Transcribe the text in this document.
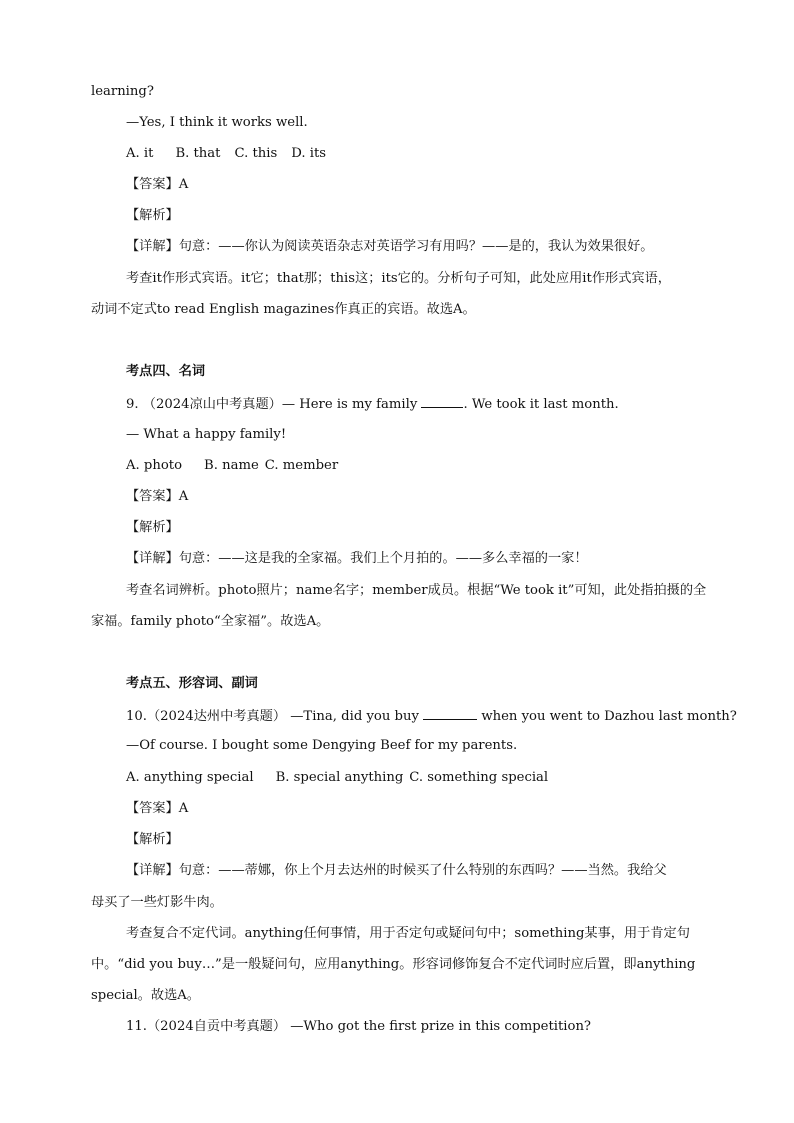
learning?
—Yes, I think it works well.
A. it B. that C. this D. its
【答案】A
【解析】
【详解】句意：——你认为阅读英语杂志对英语学习有用吗？——是的，我认为效果很好。
考查it作形式宾语。it它；that那；this这；its它的。分析句子可知，此处应用it作形式宾语，
动词不定式to read English magazines作真正的宾语。故选A。
考点四、名词
9. （2024凉山中考真题）— Here is my family	. We took it last month.
— What a happy family!
A. photo B. name C. member
【答案】A
【解析】
【详解】句意：——这是我的全家福。我们上个月拍的。——多么幸福的一家！
考查名词辨析。photo照片；name名字；member成员。根据“We took it”可知，此处指拍摄的全
家福。family photo“全家福”。故选A。
考点五、形容词、副词
10.（2024达州中考真题） —Tina, did you buy	when you went to Dazhou last month?
—Of course. I bought some Dengying Beef for my parents.
A. anything special B. special anything C. something special
【答案】A
【解析】
【详解】句意：——蒂娜，你上个月去达州的时候买了什么特别的东西吗？——当然。我给父
母买了一些灯影牛肉。
考查复合不定代词。anything任何事情，用于否定句或疑问句中；something某事，用于肯定句
中。“did you buy…”是一般疑问句，应用anything。形容词修饰复合不定代词时应后置，即anything
special。故选A。
11.（2024自贡中考真题） —Who got the first prize in this competition?
